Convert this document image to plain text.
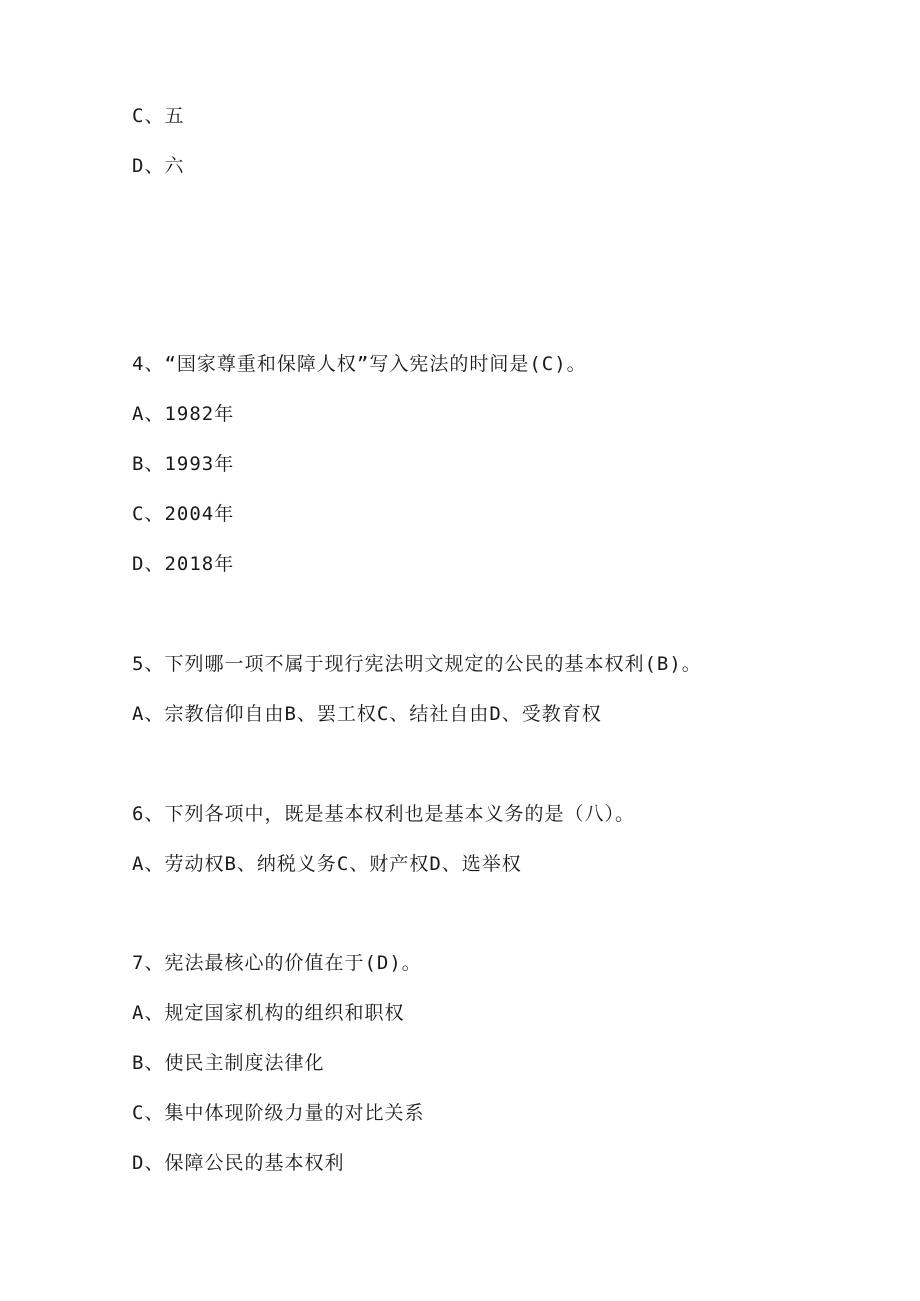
C、五
D、六
4、“国家尊重和保障人权”写入宪法的时间是(C)。
A、1982年
B、1993年
C、2004年
D、2018年
5、下列哪一项不属于现行宪法明文规定的公民的基本权利(B)。
A、宗教信仰自由B、罢工权C、结社自由D、受教育权
6、下列各项中，既是基本权利也是基本义务的是（八）。
A、劳动权B、纳税义务C、财产权D、选举权
7、宪法最核心的价值在于(D)。
A、规定国家机构的组织和职权
B、使民主制度法律化
C、集中体现阶级力量的对比关系
D、保障公民的基本权利
